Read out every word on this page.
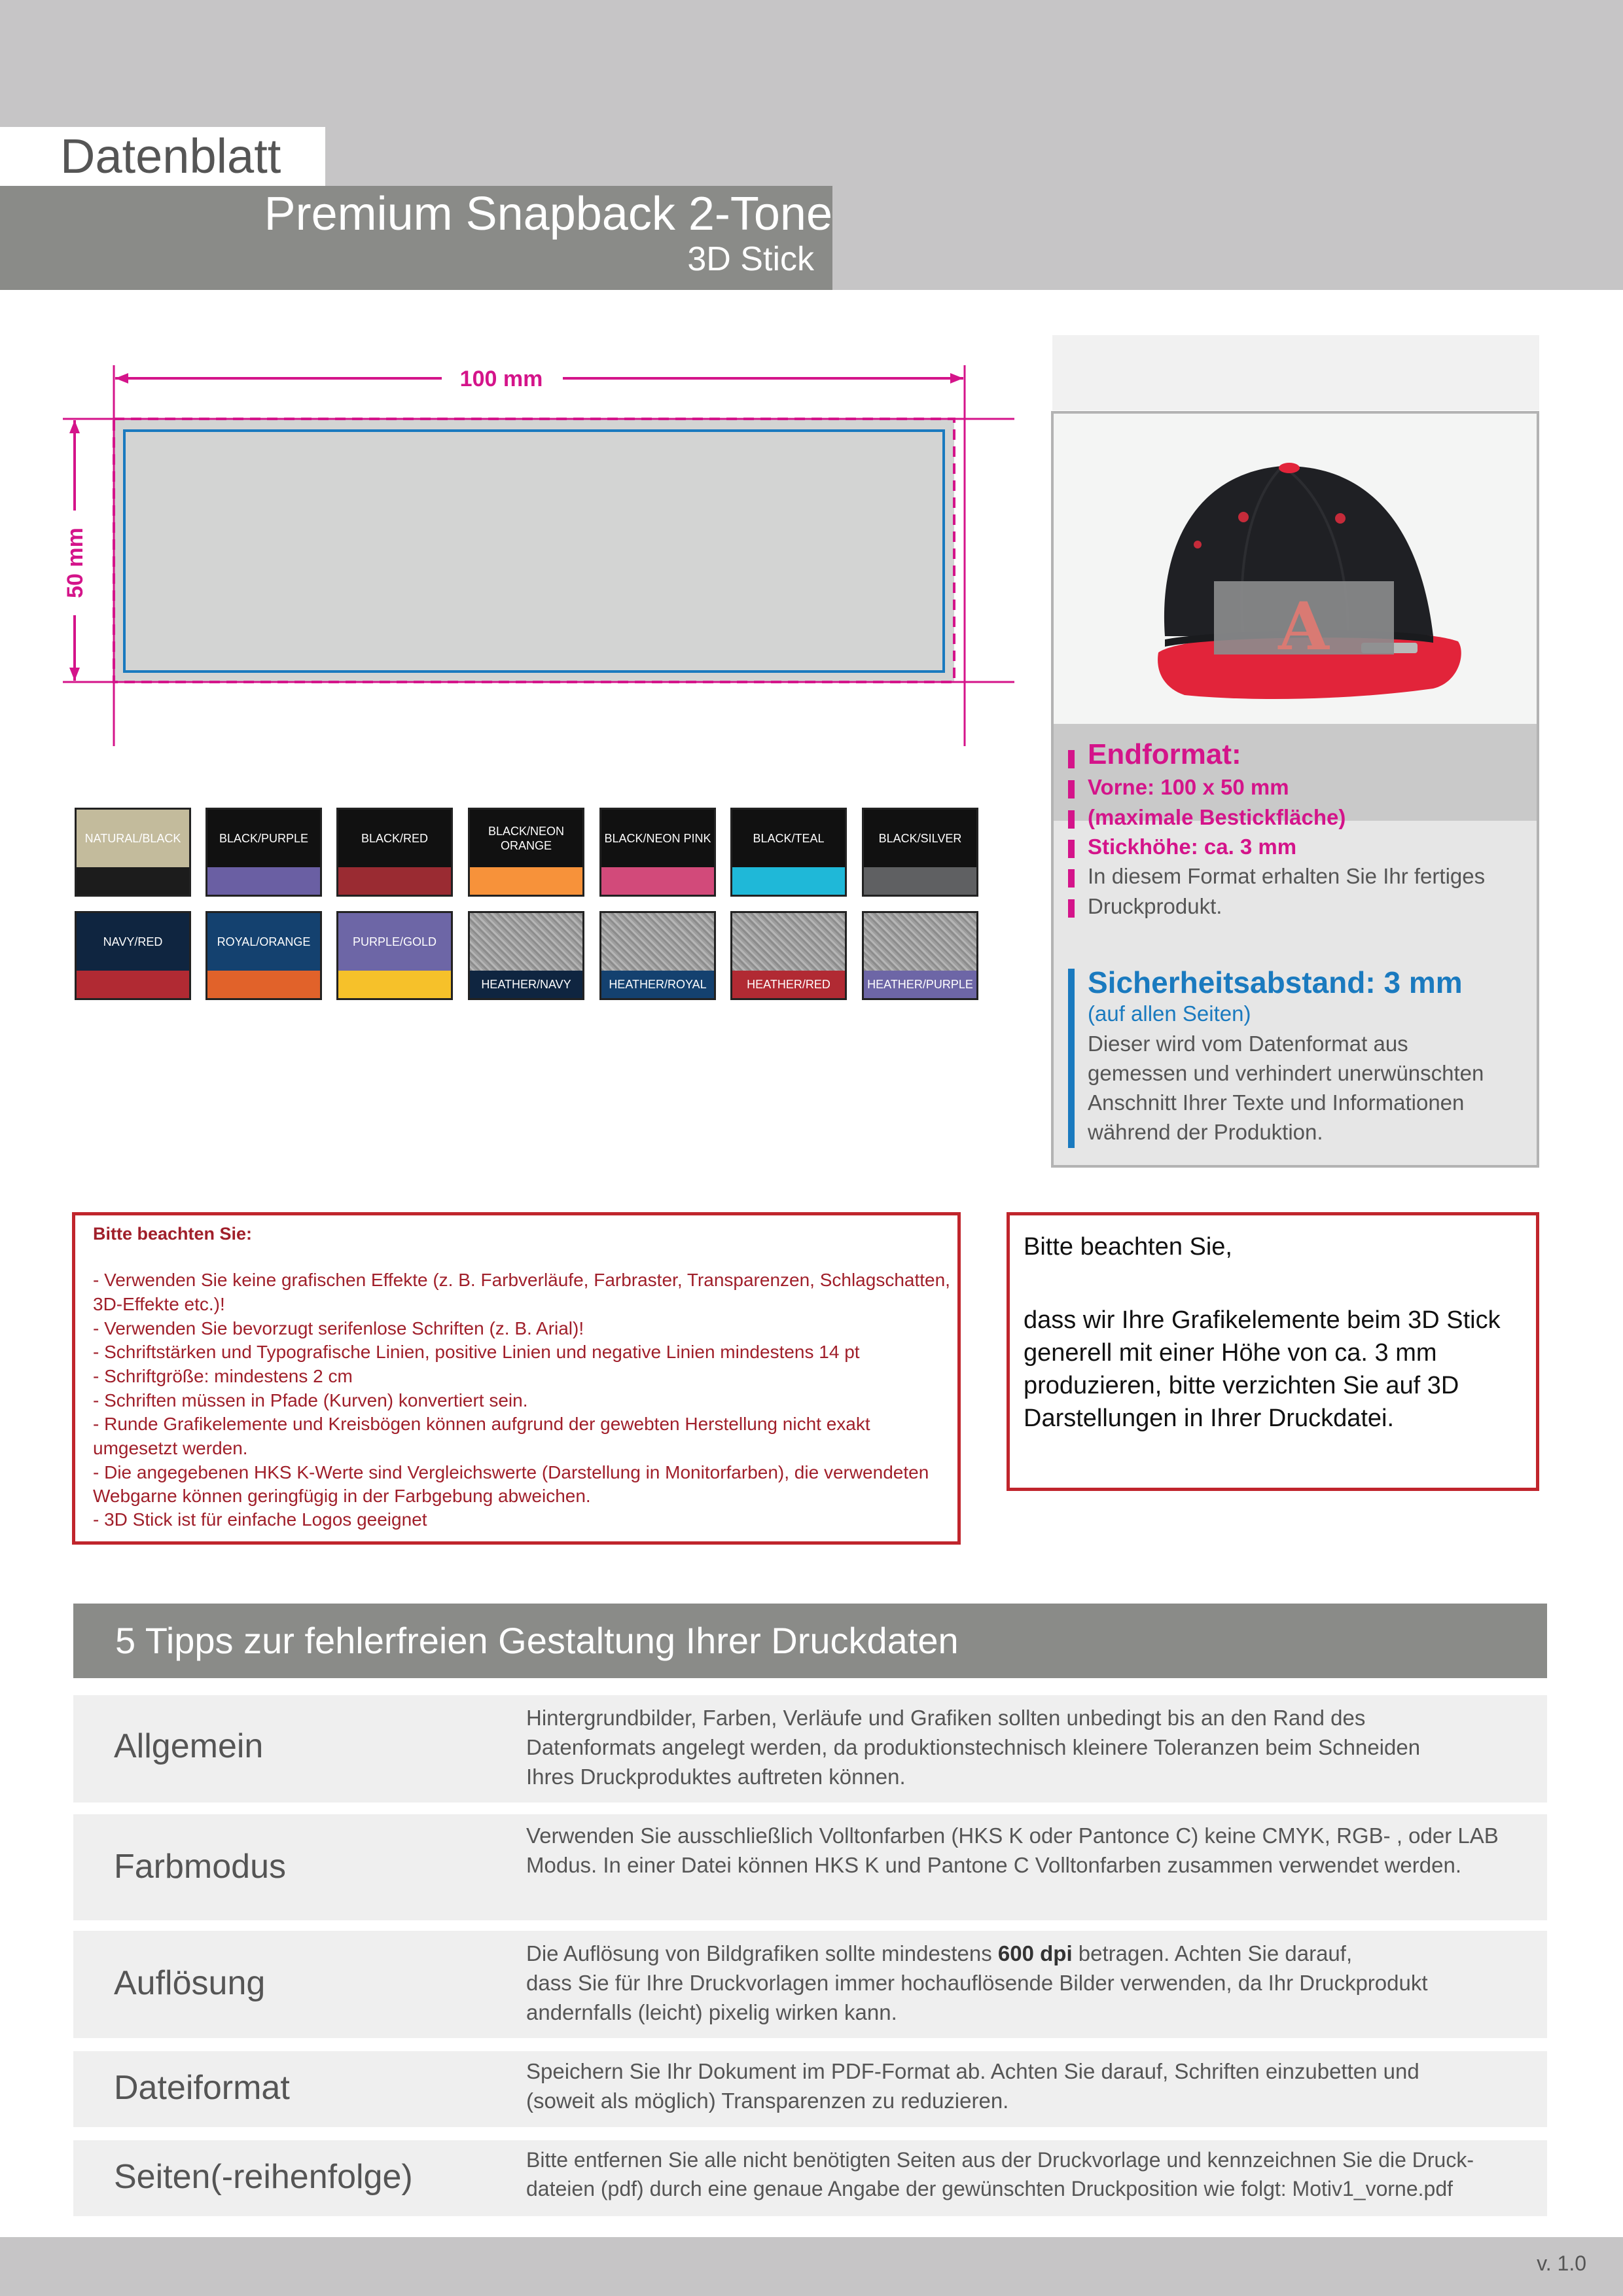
Datenblatt
Premium Snapback 2-Tone
3D Stick
100 mm
50 mm
NATURAL/BLACK	BLACK/PURPLE	BLACK/RED
BLACK/NEON ORANGE
BLACK/NEON PINK	BLACK/TEAL	BLACK/SILVER
NAVY/RED	ROYAL/ORANGE	PURPLE/GOLD
HEATHER/NAVY	HEATHER/ROYAL	HEATHER/RED	HEATHER/PURPLE
A
Endformat:
Vorne: 100 x 50 mm
(maximale Bestickfläche)
Stickhöhe: ca. 3 mm
In diesem Format erhalten Sie Ihr fertiges
Druckprodukt.
Sicherheitsabstand: 3 mm
(auf allen Seiten)
Dieser wird vom Datenformat aus
gemessen und verhindert unerwünschten
Anschnitt Ihrer Texte und Informationen
während der Produktion.
Bitte beachten Sie:
- Verwenden Sie keine grafischen Effekte (z. B. Farbverläufe, Farbraster, Transparenzen, Schlagschatten,
3D-Effekte etc.)!
- Verwenden Sie bevorzugt serifenlose Schriften (z. B. Arial)!
- Schriftstärken und Typografische Linien, positive Linien und negative Linien mindestens 14 pt
- Schriftgröße: mindestens 2 cm
- Schriften müssen in Pfade (Kurven) konvertiert sein.
- Runde Grafikelemente und Kreisbögen können aufgrund der gewebten Herstellung nicht exakt
umgesetzt werden.
- Die angegebenen HKS K-Werte sind Vergleichswerte (Darstellung in Monitorfarben), die verwendeten
Webgarne können geringfügig in der Farbgebung abweichen.
- 3D Stick ist für einfache Logos geeignet
Bitte beachten Sie,
dass wir Ihre Grafikelemente beim 3D Stick
generell mit einer Höhe von ca. 3 mm
produzieren, bitte verzichten Sie auf 3D
Darstellungen in Ihrer Druckdatei.
5 Tipps zur fehlerfreien Gestaltung Ihrer Druckdaten
Allgemein
Hintergrundbilder, Farben, Verläufe und Grafiken sollten unbedingt bis an den Rand des
Datenformats angelegt werden, da produktionstechnisch kleinere Toleranzen beim Schneiden
Ihres Druckproduktes auftreten können.
Farbmodus
Verwenden Sie ausschließlich Volltonfarben (HKS K oder Pantonce C) keine CMYK, RGB- , oder LAB
Modus. In einer Datei können HKS K und Pantone C Volltonfarben zusammen verwendet werden.
Auflösung
Die Auflösung von Bildgrafiken sollte mindestens 600 dpi betragen. Achten Sie darauf,
dass Sie für Ihre Druckvorlagen immer hochauflösende Bilder verwenden, da Ihr Druckprodukt
andernfalls (leicht) pixelig wirken kann.
Dateiformat	Speichern Sie Ihr Dokument im PDF-Format ab. Achten Sie darauf, Schriften einzubetten und
(soweit als möglich) Transparenzen zu reduzieren.
Seiten(-reihenfolge)	Bitte entfernen Sie alle nicht benötigten Seiten aus der Druckvorlage und kennzeichnen Sie die Druck-
dateien (pdf) durch eine genaue Angabe der gewünschten Druckposition wie folgt: Motiv1_vorne.pdf
v. 1.0
